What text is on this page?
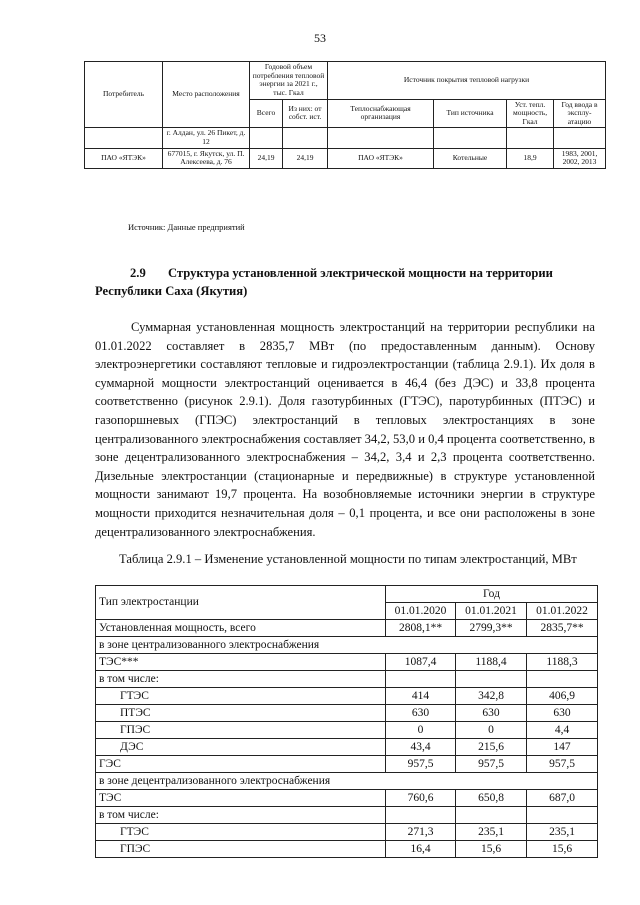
53
Потребитель	Место расположения	Годовой объем потребления тепловой энергии за 2021 г., тыс. Гкал		Источник покрытия тепловой нагрузки			
		Всего	Из них: от собст. ист.	Теплоснабжающая организация	Тип источника	Уст. тепл. мощность, Гкал	Год ввода в эксплу-атацию
	г. Алдан, ул. 26 Пикет, д. 12						
ПАО «ЯТЭК»	677015, г. Якутск, ул. П. Алексеева, д. 76	24,19	24,19	ПАО «ЯТЭК»	Котельные	18,9	1983, 2001, 2002, 2013
Источник: Данные предприятий
2.9 Структура установленной электрической мощности на территории Республики Саха (Якутия)

Суммарная установленная мощность электростанций на территории республики на 01.01.2022 составляет в 2835,7 МВт (по предоставленным данным). Основу электроэнергетики составляют тепловые и гидроэлектростанции (таблица 2.9.1). Их доля в суммарной мощности электростанций оценивается в 46,4 (без ДЭС) и 33,8 процента соответственно (рисунок 2.9.1). Доля газотурбинных (ГТЭС), паротурбинных (ПТЭС) и газопоршневых (ГПЭС) электростанций в тепловых электростанциях в зоне централизованного электроснабжения составляет 34,2, 53,0 и 0,4 процента соответственно, в зоне децентрализованного электроснабжения – 34,2, 3,4 и 2,3 процента соответственно. Дизельные электростанции (стационарные и передвижные) в структуре установленной мощности занимают 19,7 процента. На возобновляемые источники энергии в структуре мощности приходится незначительная доля – 0,1 процента, и все они расположены в зоне децентрализованного электроснабжения.

Таблица 2.9.1 – Изменение установленной мощности по типам электростанций, МВт

Тип электростанции	Год		
	01.01.2020	01.01.2021	01.01.2022
Установленная мощность, всего	2808,1**	2799,3**	2835,7**
в зоне централизованного электроснабжения			
ТЭС***	1087,4	1188,4	1188,3
в том числе:			
ГТЭС	414	342,8	406,9
ПТЭС	630	630	630
ГПЭС	0	0	4,4
ДЭС	43,4	215,6	147
ГЭС	957,5	957,5	957,5
в зоне децентрализованного электроснабжения			
ТЭС	760,6	650,8	687,0
в том числе:			
ГТЭС	271,3	235,1	235,1
ГПЭС	16,4	15,6	15,6
